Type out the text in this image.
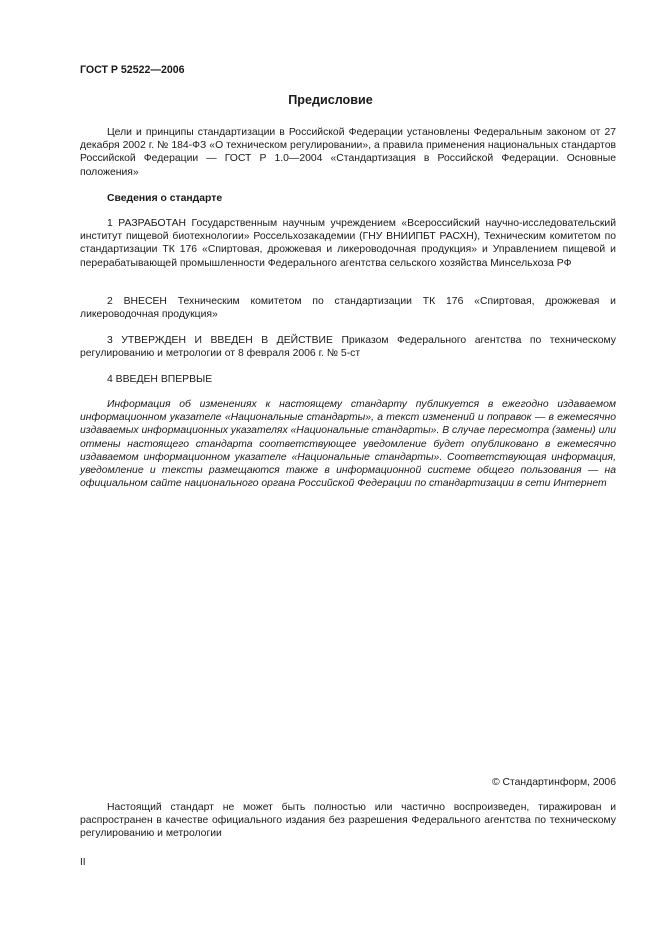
ГОСТ Р 52522—2006
Предисловие

Цели и принципы стандартизации в Российской Федерации установлены Федеральным законом от 27 декабря 2002 г. № 184-ФЗ «О техническом регулировании», а правила применения национальных стандартов Российской Федерации — ГОСТ Р 1.0—2004 «Стандартизация в Российской Федерации. Основные положения»

Сведения о стандарте

1 РАЗРАБОТАН Государственным научным учреждением «Всероссийский научно-исследовательский институт пищевой биотехнологии» Россельхозакадемии (ГНУ ВНИИПБТ РАСХН), Техническим комитетом по стандартизации ТК 176 «Спиртовая, дрожжевая и ликероводочная продукция» и Управлением пищевой и перерабатывающей промышленности Федерального агентства сельского хозяйства Минсельхоза РФ

2 ВНЕСЕН Техническим комитетом по стандартизации ТК 176 «Спиртовая, дрожжевая и ликероводочная продукция»

3 УТВЕРЖДЕН И ВВЕДЕН В ДЕЙСТВИЕ Приказом Федерального агентства по техническому регулированию и метрологии от 8 февраля 2006 г. № 5-ст

4 ВВЕДЕН ВПЕРВЫЕ

Информация об изменениях к настоящему стандарту публикуется в ежегодно издаваемом информационном указателе «Национальные стандарты», а текст изменений и поправок — в ежемесячно издаваемых информационных указателях «Национальные стандарты». В случае пересмотра (замены) или отмены настоящего стандарта соответствующее уведомление будет опубликовано в ежемесячно издаваемом информационном указателе «Национальные стандарты». Соответствующая информация, уведомление и тексты размещаются также в информационной системе общего пользования — на официальном сайте национального органа Российской Федерации по стандартизации в сети Интернет

© Стандартинформ, 2006

Настоящий стандарт не может быть полностью или частично воспроизведен, тиражирован и распространен в качестве официального издания без разрешения Федерального агентства по техническому регулированию и метрологии

II
